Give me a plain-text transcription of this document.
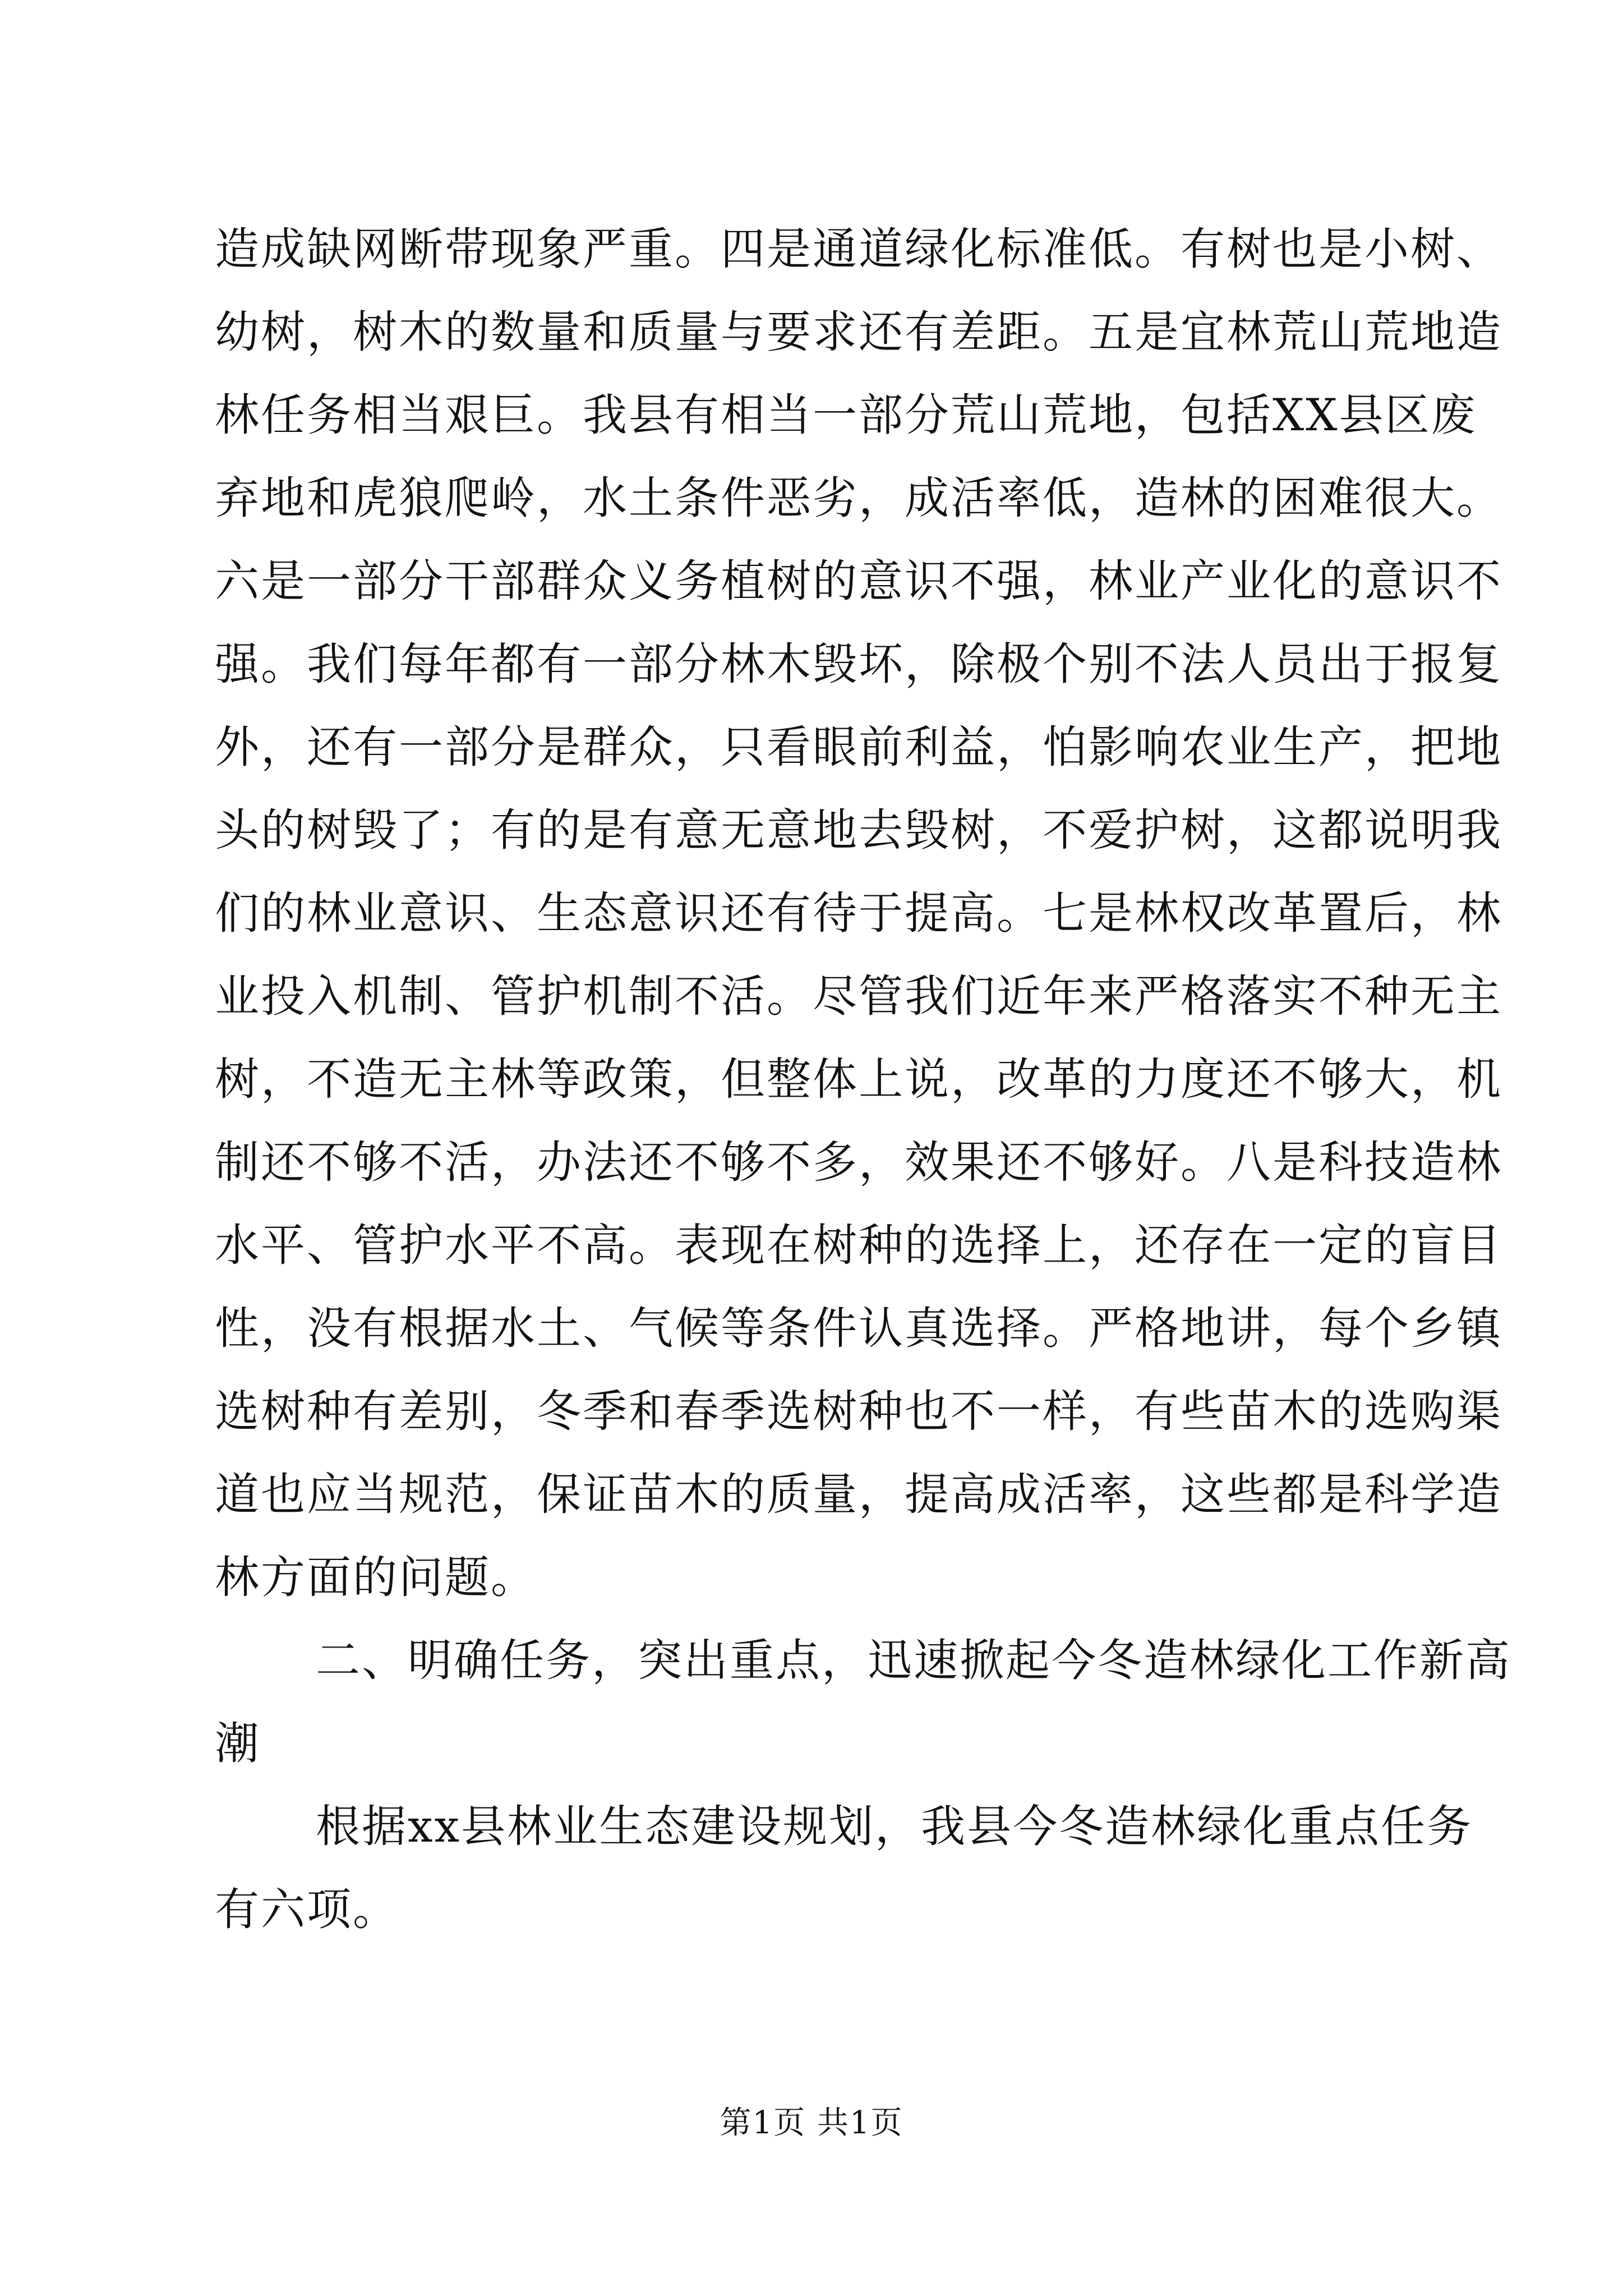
造成缺网断带现象严重。四是通道绿化标准低。有树也是小树、

幼树，树木的数量和质量与要求还有差距。五是宜林荒山荒地造

林任务相当艰巨。我县有相当一部分荒山荒地，包括XX县区废

弃地和虎狼爬岭，水土条件恶劣，成活率低，造林的困难很大。

六是一部分干部群众义务植树的意识不强，林业产业化的意识不

强。我们每年都有一部分林木毁坏，除极个别不法人员出于报复

外，还有一部分是群众，只看眼前利益，怕影响农业生产，把地

头的树毁了；有的是有意无意地去毁树，不爱护树，这都说明我

们的林业意识、生态意识还有待于提高。七是林权改革置后，林

业投入机制、管护机制不活。尽管我们近年来严格落实不种无主

树，不造无主林等政策，但整体上说，改革的力度还不够大，机

制还不够不活，办法还不够不多，效果还不够好。八是科技造林

水平、管护水平不高。表现在树种的选择上，还存在一定的盲目

性，没有根据水土、气候等条件认真选择。严格地讲，每个乡镇

选树种有差别，冬季和春季选树种也不一样，有些苗木的选购渠

道也应当规范，保证苗木的质量，提高成活率，这些都是科学造

林方面的问题。

二、明确任务，突出重点，迅速掀起今冬造林绿化工作新高

潮

根据xx县林业生态建设规划，我县今冬造林绿化重点任务

有六项。

第1页 共1页
